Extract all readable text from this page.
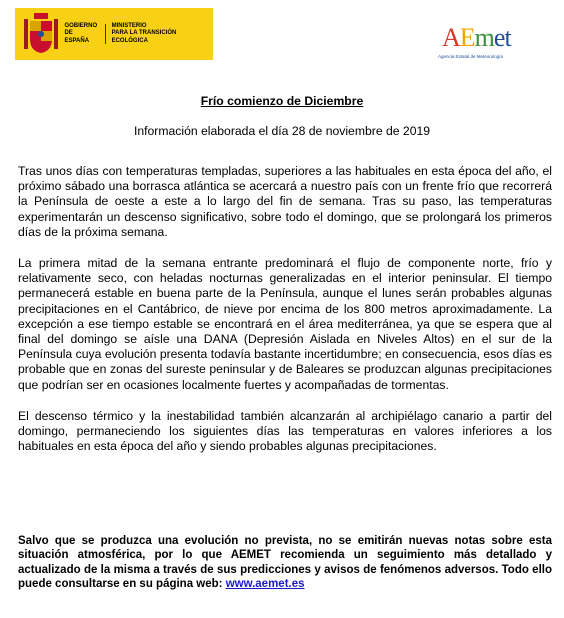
GOBIERNO
DE ESPAÑA
MINISTERIO
PARA LA TRANSICIÓN ECOLÓGICA	AEmet
Agencia Estatal de Meteorología
Frío comienzo de Diciembre
Información elaborada el día 28 de noviembre de 2019

Tras unos días con temperaturas templadas, superiores a las habituales en esta época del año, el próximo sábado una borrasca atlántica se acercará a nuestro país con un frente frío que recorrerá la Península de oeste a este a lo largo del fin de semana. Tras su paso, las temperaturas experimentarán un descenso significativo, sobre todo el domingo, que se prolongará los primeros días de la próxima semana.

La primera mitad de la semana entrante predominará el flujo de componente norte, frío y relativamente seco, con heladas nocturnas generalizadas en el interior peninsular. El tiempo permanecerá estable en buena parte de la Península, aunque el lunes serán probables algunas precipitaciones en el Cantábrico, de nieve por encima de los 800 metros aproximadamente. La excepción a ese tiempo estable se encontrará en el área mediterránea, ya que se espera que al final del domingo se aísle una DANA (Depresión Aislada en Niveles Altos) en el sur de la Península cuya evolución presenta todavía bastante incertidumbre; en consecuencia, esos días es probable que en zonas del sureste peninsular y de Baleares se produzcan algunas precipitaciones que podrían ser en ocasiones localmente fuertes y acompañadas de tormentas.

El descenso térmico y la inestabilidad también alcanzarán al archipiélago canario a partir del domingo, permaneciendo los siguientes días las temperaturas en valores inferiores a los habituales en esta época del año y siendo probables algunas precipitaciones.

Salvo que se produzca una evolución no prevista, no se emitirán nuevas notas sobre esta situación atmosférica, por lo que AEMET recomienda un seguimiento más detallado y actualizado de la misma a través de sus predicciones y avisos de fenómenos adversos. Todo ello puede consultarse en su página web: www.aemet.es
